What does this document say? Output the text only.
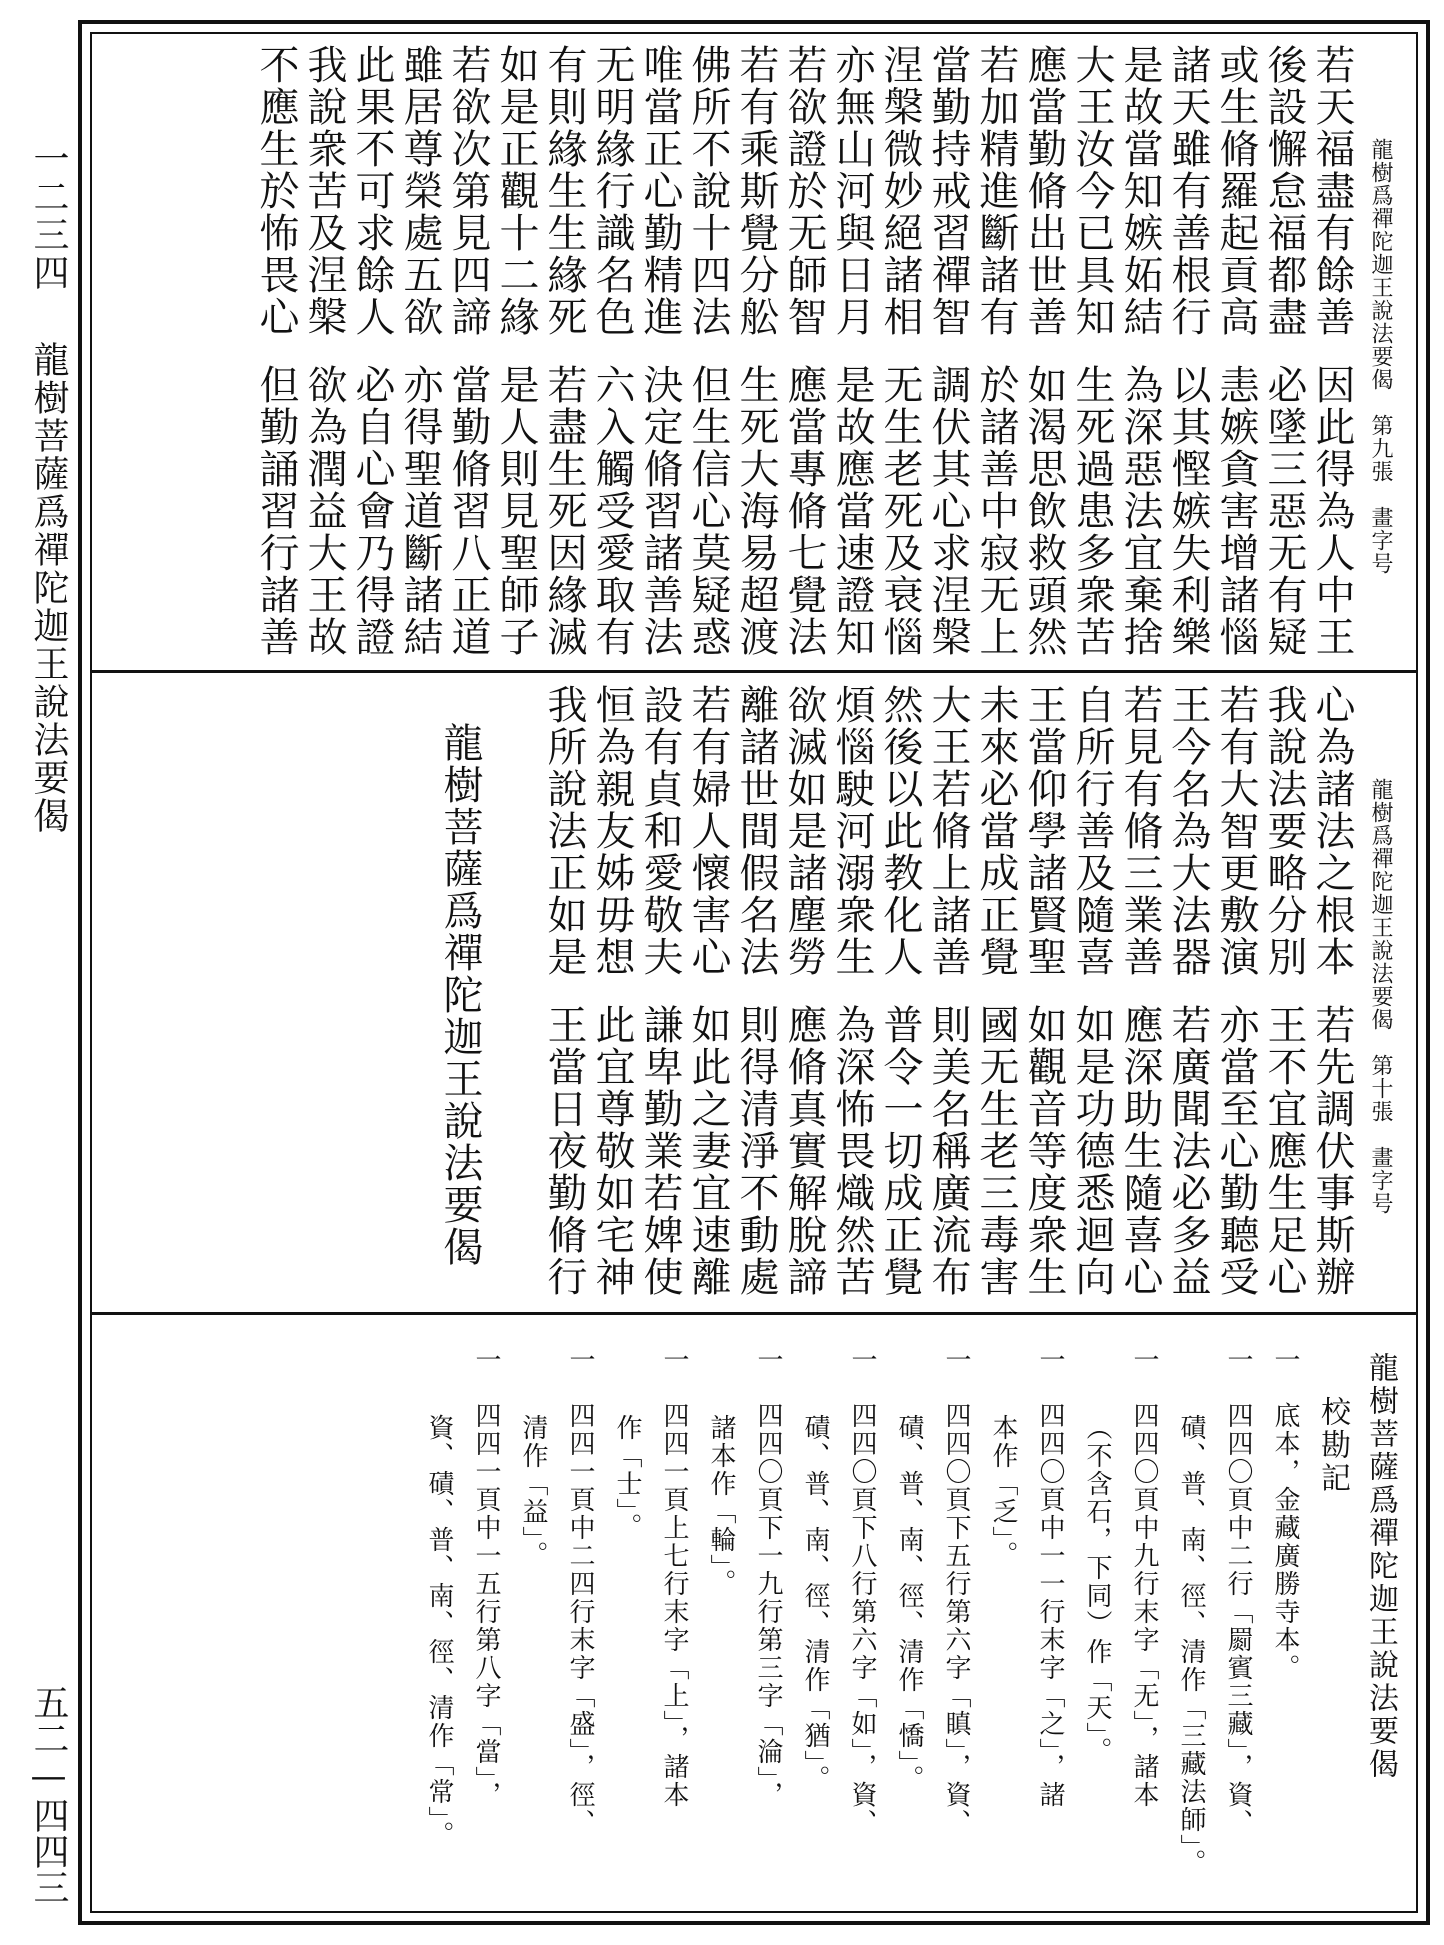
一二三四 龍樹菩薩爲禪陀迦王說法要偈
五二—四四三
龍樹爲禪陀迦王說法要偈　第九張　畫字号
若天福盡有餘善
因此得為人中王
後設懈怠福都盡
必墜三惡无有疑
或生脩羅起貢高
恚嫉貪害增諸惱
諸天雖有善根行
以其慳嫉失利樂
是故當知嫉妬結
為深惡法宜棄捨
大王汝今已具知
生死過患多衆苦
應當勤脩出世善
如渴思飲救頭然
若加精進斷諸有
於諸善中寂无上
當勤持戒習禪智
調伏其心求涅槃
涅槃微妙絕諸相
无生老死及衰惱
亦無山河與日月
是故應當速證知
若欲證於无師智
應當專脩七覺法
若有乘斯覺分舩
生死大海易超渡
佛所不說十四法
但生信心莫疑惑
唯當正心勤精進
決定脩習諸善法
无明緣行識名色
六入觸受愛取有
有則緣生生緣死
若盡生死因緣滅
如是正觀十二緣
是人則見聖師子
若欲次第見四諦
當勤脩習八正道
雖居尊榮處五欲
亦得聖道斷諸結
此果不可求餘人
必自心會乃得證
我說衆苦及涅槃
欲為潤益大王故
不應生於怖畏心
但勤誦習行諸善
龍樹爲禪陀迦王說法要偈　第十張　畫字号
心為諸法之根本
若先調伏事斯辦
我說法要略分別
王不宜應生足心
若有大智更敷演
亦當至心勤聽受
王今名為大法器
若廣聞法必多益
若見有脩三業善
應深助生隨喜心
自所行善及隨喜
如是功德悉迴向
王當仰學諸賢聖
如觀音等度衆生
未來必當成正覺
國无生老三毒害
大王若脩上諸善
則美名稱廣流布
然後以此教化人
普令一切成正覺
煩惱駛河溺衆生
為深怖畏熾然苦
欲滅如是諸塵勞
應脩真實解脫諦
離諸世間假名法
則得清淨不動處
若有婦人懷害心
如此之妻宜速離
設有貞和愛敬夫
謙卑勤業若婢使
恒為親友姊毋想
此宜尊敬如宅神
我所說法正如是
王當日夜勤脩行
龍樹菩薩爲禪陀迦王說法要偈
龍樹菩薩爲禪陀迦王說法要偈
校勘記
一　底本，金藏廣勝寺本。
一　四四〇頁中二行「罽賓三藏」，資、
磧、普、南、徑、清作「三藏法師」。
一　四四〇頁中九行末字「无」，諸本
（不含石，下同）作「天」。
一　四四〇頁中一一行末字「之」，諸
本作「乏」。
一　四四〇頁下五行第六字「瞋」，資、
磧、普、南、徑、清作「憍」。
一　四四〇頁下八行第六字「如」，資、
磧、普、南、徑、清作「猶」。
一　四四〇頁下一九行第三字「淪」，
諸本作「輪」。
一　四四一頁上七行末字「上」，諸本
作「士」。
一　四四一頁中二四行末字「盛」，徑、
清作「益」。
一　四四一頁中一五行第八字「當」，
資、磧、普、南、徑、清作「常」。
